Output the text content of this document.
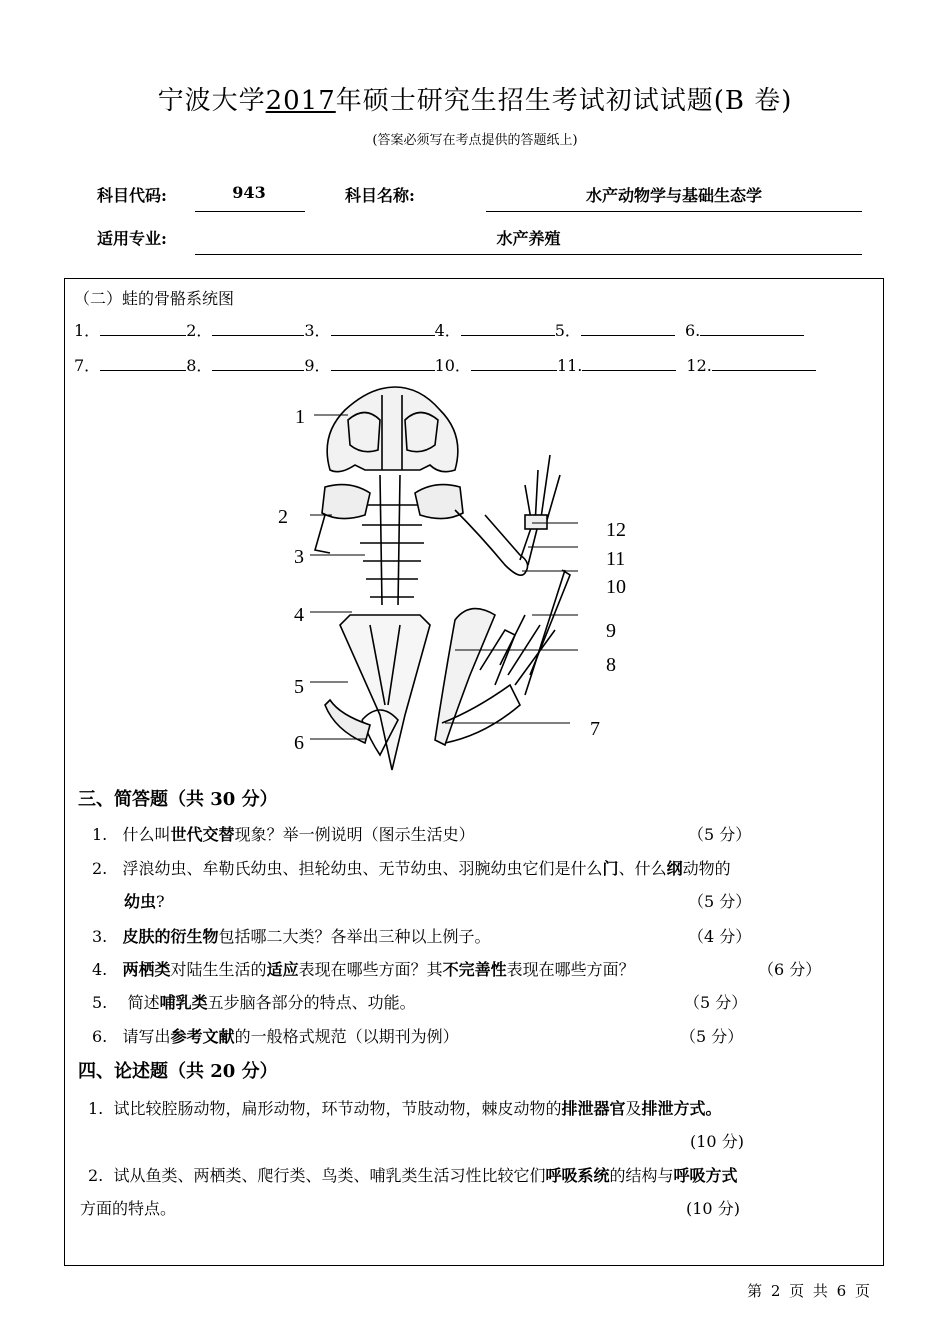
宁波大学2017年硕士研究生招生考试初试试题(B 卷)
(答案必须写在考点提供的答题纸上)
科目代码:	943	科目名称:	水产动物学与基础生态学
适用专业:	水产养殖
（二）蛙的骨骼系统图
1．	2．	3．	4．	5．	6.
7．	8．	9．	10．	11.	12.
1
2
3
4
5
6
7
8
9
10
11
12
三、简答题（共 30 分）
1. 什么叫世代交替现象？举一例说明（图示生活史）	（5 分）
2. 浮浪幼虫、牟勒氏幼虫、担轮幼虫、无节幼虫、羽腕幼虫它们是什么门、什么纲动物的
幼虫?	（5 分）
3. 皮肤的衍生物包括哪二大类？各举出三种以上例子。	（4 分）
4. 两栖类对陆生生活的适应表现在哪些方面？其不完善性表现在哪些方面？	（6 分）
5. 简述哺乳类五步脑各部分的特点、功能。	（5 分）
6. 请写出参考文献的一般格式规范（以期刊为例）	（5 分）
四、论述题（共 20 分）
1. 试比较腔肠动物，扁形动物，环节动物，节肢动物，棘皮动物的排泄器官及排泄方式。
(10 分)
2. 试从鱼类、两栖类、爬行类、鸟类、哺乳类生活习性比较它们呼吸系统的结构与呼吸方式
方面的特点。	(10 分)
第 2 页 共 6 页
